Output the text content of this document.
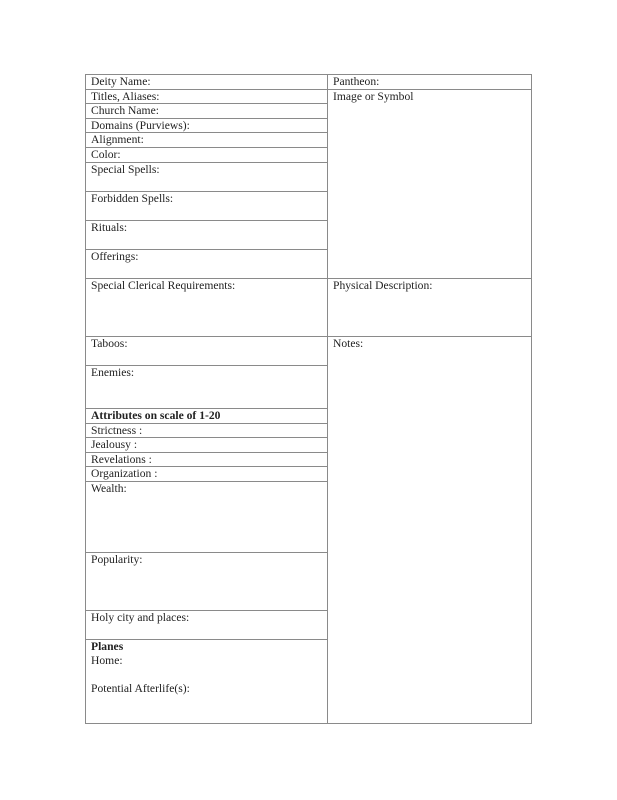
Deity Name:
Titles, Aliases:
Church Name:
Domains (Purviews):
Alignment:
Color:
Special Spells:
Forbidden Spells:
Rituals:
Offerings:
Special Clerical Requirements:
Taboos:
Enemies:
Attributes on scale of 1-20
Strictness :
Jealousy :
Revelations :
Organization :
Wealth:
Popularity:
Holy city and places:
Planes
Home:
Potential Afterlife(s):
Pantheon:
Image or Symbol
Physical Description:
Notes:
